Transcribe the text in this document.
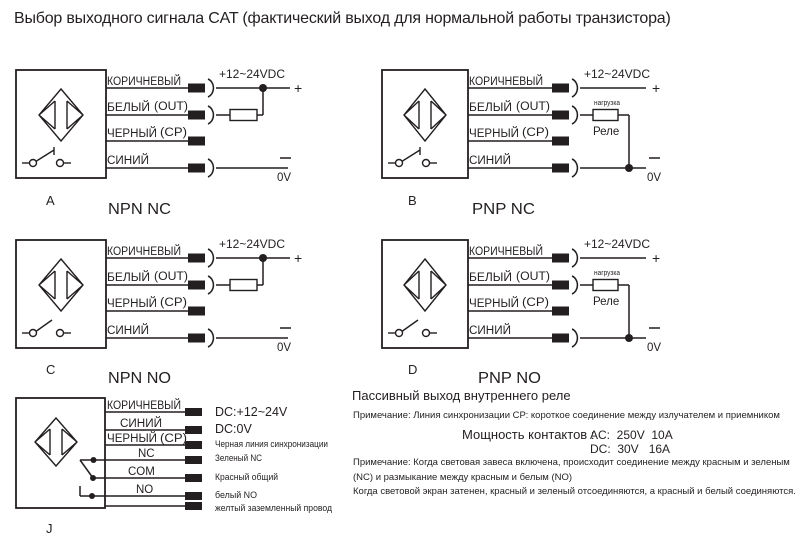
Выбор выходного сигнала CAT (фактический выход для нормальной работы транзистора)
КОРИЧНЕВЫЙ
БЕЛЫЙ (OUT)
ЧЕРНЫЙ (СР)
СИНИЙ
+12~24VDC
+
0V
A
NPN NC
КОРИЧНЕВЫЙ
БЕЛЫЙ (OUT)
ЧЕРНЫЙ (СР)
СИНИЙ
+12~24VDC
+
0V
нагрузка
Реле
B
PNP NC
КОРИЧНЕВЫЙ
БЕЛЫЙ (OUT)
ЧЕРНЫЙ (СР)
СИНИЙ
+12~24VDC
+
0V
C
NPN NO
КОРИЧНЕВЫЙ
БЕЛЫЙ (OUT)
ЧЕРНЫЙ (СР)
СИНИЙ
+12~24VDC
+
0V
нагрузка
Реле
D
PNP NO
КОРИЧНЕВЫЙ
СИНИЙ
ЧЕРНЫЙ (СР)
NC
COM
NO
DC:+12~24V
DC:0V
Черная линия синхронизации
Зеленый NC
Красный общий
белый NO
желтый заземленный провод
J
Пассивный выход внутреннего реле
Примечание: Линия синхронизации СР: короткое соединение между излучателем и приемником
Мощность контактов :
AC:  250V  10A
DC:  30V   16A
Примечание: Когда световая завеса включена, происходит соединение между красным и зеленым
(NC) и размыкание между красным и белым (NO)
Когда световой экран затенен, красный и зеленый отсоединяются, а красный и белый соединяются.
